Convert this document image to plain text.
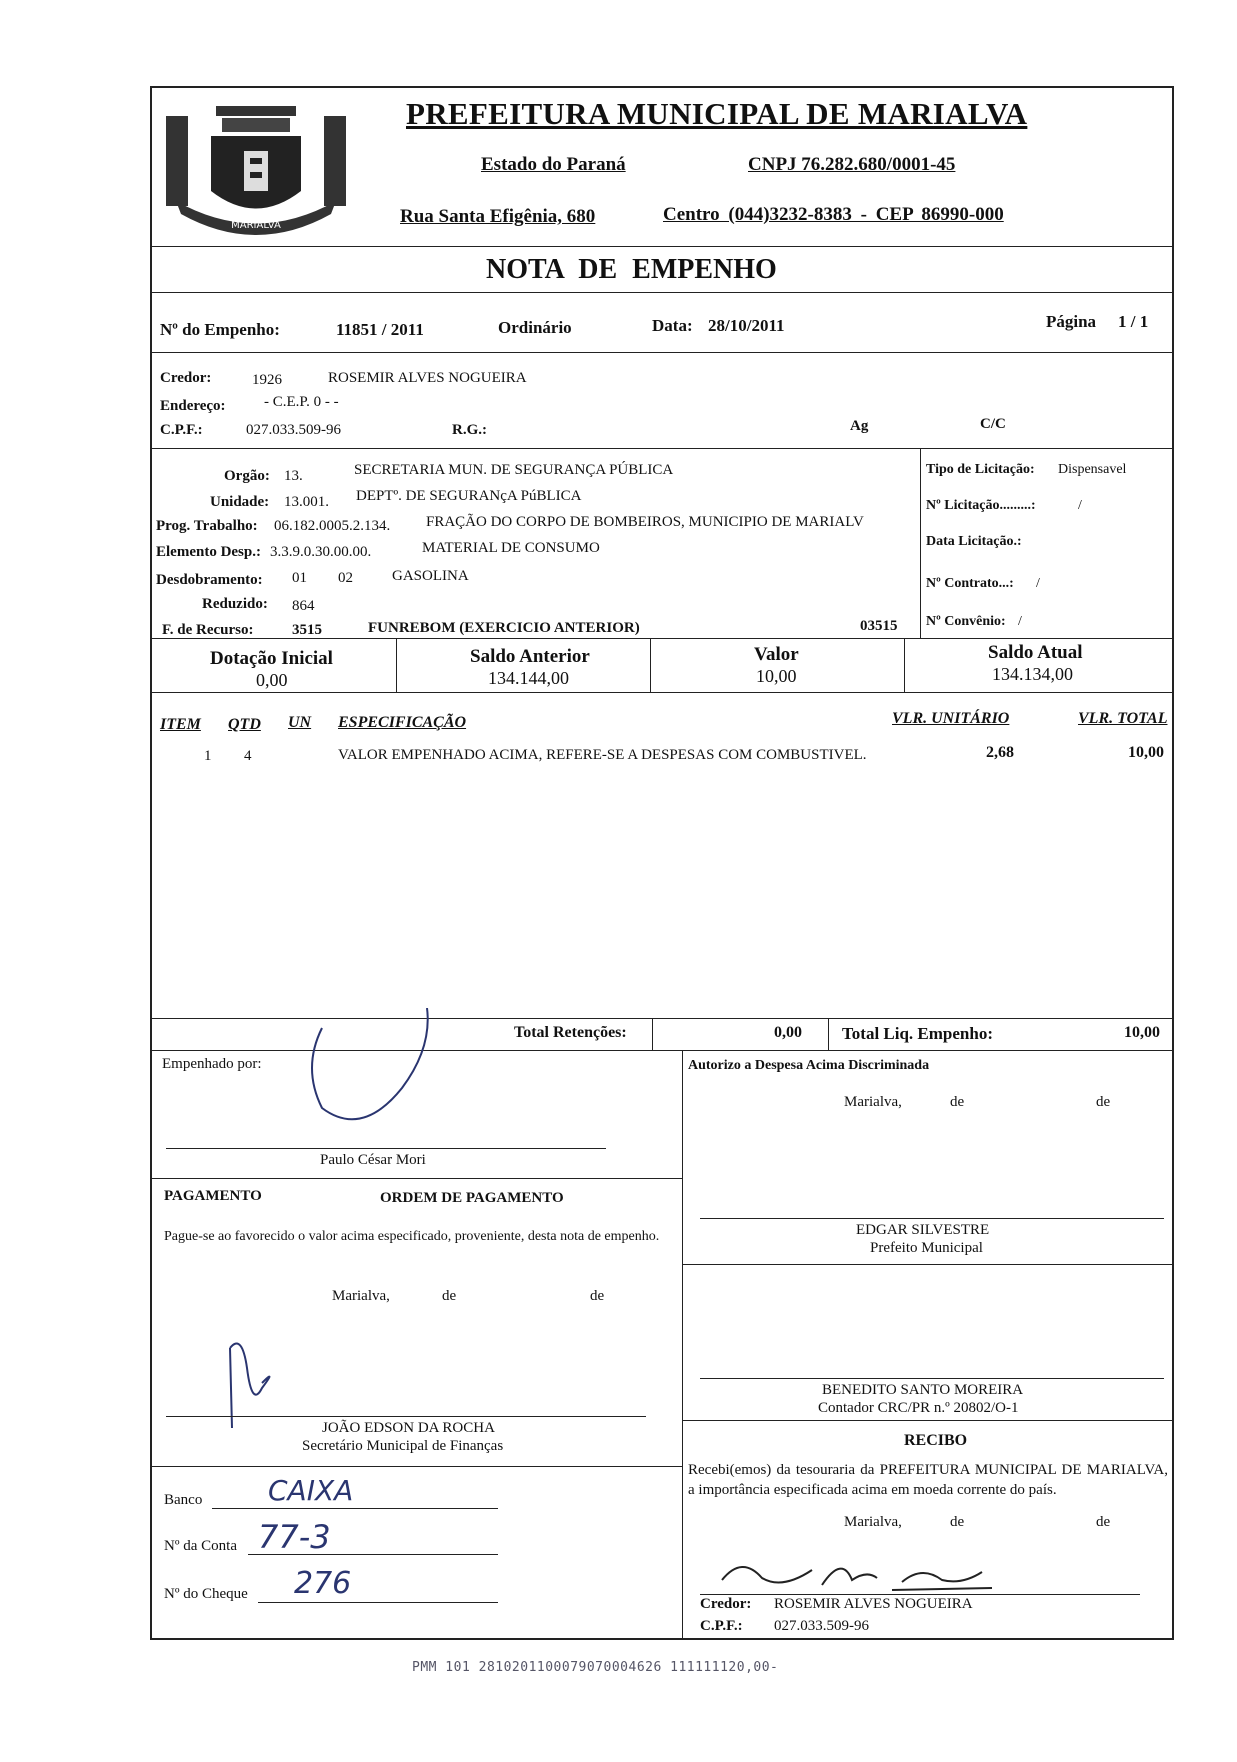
MARIALVA
PREFEITURA MUNICIPAL DE MARIALVA
Estado do Paraná	CNPJ 76.282.680/0001-45
Rua Santa Efigênia, 680	Centro (044)3232-8383 - CEP 86990-000
NOTA DE EMPENHO
Nº do Empenho:	11851 / 2011	Ordinário	Data: 28/10/2011	Página 1 / 1
Credor:	1926	ROSEMIR ALVES NOGUEIRA
Endereço:	- C.E.P. 0 - -
C.P.F.:	027.033.509-96	R.G.:	Ag	C/C
Orgão: 13.	SECRETARIA MUN. DE SEGURANÇA PÚBLICA
Unidade: 13.001. DEPTº. DE SEGURANçA PúBLICA
Prog. Trabalho: 06.182.0005.2.134. FRAÇÃO DO CORPO DE BOMBEIROS, MUNICIPIO DE MARIALV
Elemento Desp.: 3.3.9.0.30.00.00.	MATERIAL DE CONSUMO
Desdobramento: 01 02	GASOLINA
Reduzido: 864
F. de Recurso:	3515	FUNREBOM (EXERCICIO ANTERIOR)	03515
Tipo de Licitação: Dispensavel
Nº Licitação.........:	/
Data Licitação.:
Nº Contrato...: /
Nº Convênio: /
Dotação Inicial
0,00
Saldo Anterior
134.144,00
Valor
10,00
Saldo Atual
134.134,00
ITEM QTD UN ESPECIFICAÇÃO	VLR. UNITÁRIO	VLR. TOTAL
1 4	VALOR EMPENHADO ACIMA, REFERE-SE A DESPESAS COM COMBUSTIVEL.	2,68	10,00
Total Retenções:	0,00 Total Liq. Empenho:	10,00
Empenhado por:
Paulo César Mori
Autorizo a Despesa Acima Discriminada
Marialva,	de	de
EDGAR SILVESTRE
Prefeito Municipal
BENEDITO SANTO MOREIRA
Contador CRC/PR n.º 20802/O-1
PAGAMENTO	ORDEM DE PAGAMENTO
Pague-se ao favorecido o valor acima especificado, proveniente, desta nota de empenho.
Marialva,	de	de
JOÃO EDSON DA ROCHA
Secretário Municipal de Finanças
Banco CAIXA
Nº da Conta 77-3
Nº do Cheque 276
RECIBO
Recebi(emos) da tesouraria da PREFEITURA MUNICIPAL DE MARIALVA, a importância especificada acima em moeda corrente do país.
Marialva,	de	de
Credor: ROSEMIR ALVES NOGUEIRA
C.P.F.: 027.033.509-96
PMM 101 2810201100079070004626 111111120,00-
